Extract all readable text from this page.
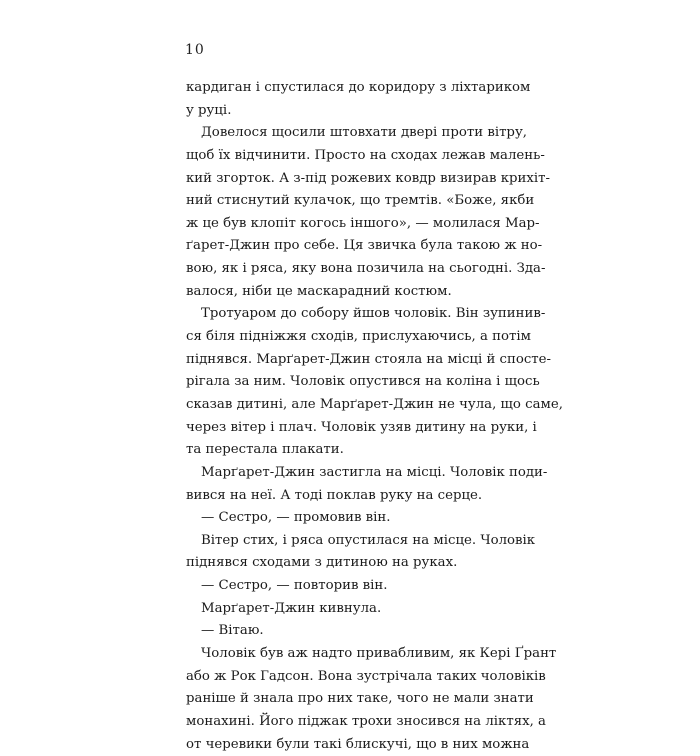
10
кардиган і спустилася до коридору з ліхтариком
у руці.
Довелося щосили штовхати двері проти вітру,
щоб їх відчинити. Просто на сходах лежав малень-
кий згорток. А з-під рожевих ковдр визирав крихіт-
ний стиснутий кулачок, що тремтів. «Боже, якби
ж це був клопіт когось іншого», — молилася Мар-
ґарет-Джин про себе. Ця звичка була такою ж но-
вою, як і ряса, яку вона позичила на сьогодні. Зда-
валося, ніби це маскарадний костюм.
Тротуаром до собору йшов чоловік. Він зупинив-
ся біля підніжжя сходів, прислухаючись, а потім
піднявся. Марґарет-Джин стояла на місці й спосте-
рігала за ним. Чоловік опустився на коліна і щось
сказав дитині, але Марґарет-Джин не чула, що саме,
через вітер і плач. Чоловік узяв дитину на руки, і
та перестала плакати.
Марґарет-Джин застигла на місці. Чоловік поди-
вився на неї. А тоді поклав руку на серце.
— Сестро, — промовив він.
Вітер стих, і ряса опустилася на місце. Чоловік
піднявся сходами з дитиною на руках.
— Сестро, — повторив він.
Марґарет-Джин кивнула.
— Вітаю.
Чоловік був аж надто привабливим, як Кері Ґрант
або ж Рок Гадсон. Вона зустрічала таких чоловіків
раніше й знала про них таке, чого не мали знати
монахині. Його піджак трохи зносився на ліктях, а
от черевики були такі блискучі, що в них можна
